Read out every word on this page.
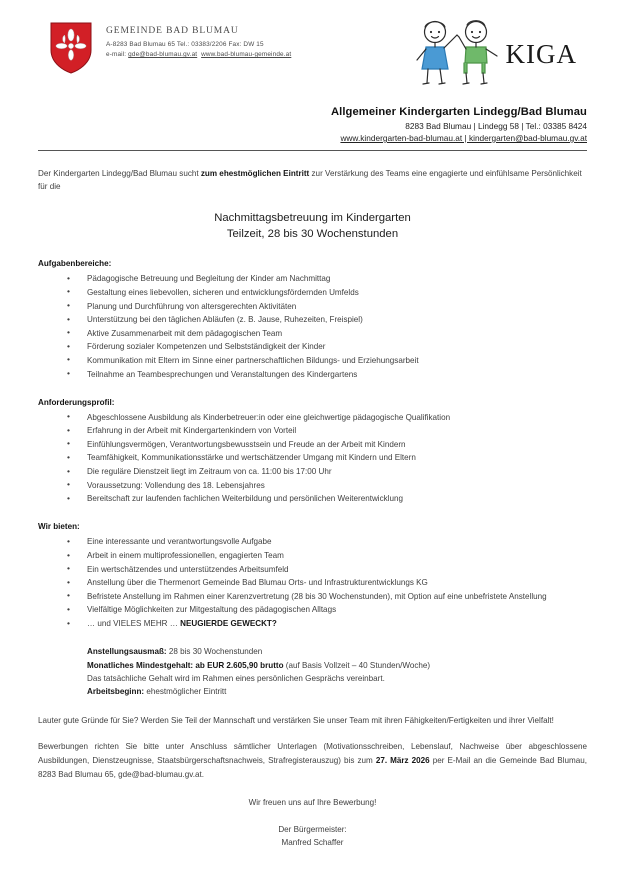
GEMEINDE BAD BLUMAU
A-8283 Bad Blumau 65 Tel.: 03383/2206 Fax: DW 15
e-mail: gde@bad-blumau.gv.at www.bad-blumau-gemeinde.at	KIGA
Allgemeiner Kindergarten Lindegg/Bad Blumau
8283 Bad Blumau | Lindegg 58 | Tel.: 03385 8424
www.kindergarten-bad-blumau.at | kindergarten@bad-blumau.gv.at

Der Kindergarten Lindegg/Bad Blumau sucht zum ehestmöglichen Eintritt zur Verstärkung des Teams eine engagierte und einfühlsame Persönlichkeit für die

Nachmittagsbetreuung im Kindergarten
Teilzeit, 28 bis 30 Wochenstunden
Aufgabenbereiche:
• Pädagogische Betreuung und Begleitung der Kinder am Nachmittag
• Gestaltung eines liebevollen, sicheren und entwicklungsfördernden Umfelds
• Planung und Durchführung von altersgerechten Aktivitäten
• Unterstützung bei den täglichen Abläufen (z. B. Jause, Ruhezeiten, Freispiel)
• Aktive Zusammenarbeit mit dem pädagogischen Team
• Förderung sozialer Kompetenzen und Selbstständigkeit der Kinder
• Kommunikation mit Eltern im Sinne einer partnerschaftlichen Bildungs- und Erziehungsarbeit
• Teilnahme an Teambesprechungen und Veranstaltungen des Kindergartens
Anforderungsprofil:
• Abgeschlossene Ausbildung als Kinderbetreuer:in oder eine gleichwertige pädagogische Qualifikation
• Erfahrung in der Arbeit mit Kindergartenkindern von Vorteil
• Einfühlungsvermögen, Verantwortungsbewusstsein und Freude an der Arbeit mit Kindern
• Teamfähigkeit, Kommunikationsstärke und wertschätzender Umgang mit Kindern und Eltern
• Die reguläre Dienstzeit liegt im Zeitraum von ca. 11:00 bis 17:00 Uhr
• Voraussetzung: Vollendung des 18. Lebensjahres
• Bereitschaft zur laufenden fachlichen Weiterbildung und persönlichen Weiterentwicklung
Wir bieten:
• Eine interessante und verantwortungsvolle Aufgabe
• Arbeit in einem multiprofessionellen, engagierten Team
• Ein wertschätzendes und unterstützendes Arbeitsumfeld
• Anstellung über die Thermenort Gemeinde Bad Blumau Orts- und Infrastrukturentwicklungs KG
• Befristete Anstellung im Rahmen einer Karenzvertretung (28 bis 30 Wochenstunden), mit Option auf eine unbefristete Anstellung
• Vielfältige Möglichkeiten zur Mitgestaltung des pädagogischen Alltags
• … und VIELES MEHR … NEUGIERDE GEWECKT?
Anstellungsausmaß: 28 bis 30 Wochenstunden
Monatliches Mindestgehalt: ab EUR 2.605,90 brutto (auf Basis Vollzeit – 40 Stunden/Woche)
Das tatsächliche Gehalt wird im Rahmen eines persönlichen Gesprächs vereinbart.
Arbeitsbeginn: ehestmöglicher Eintritt

Lauter gute Gründe für Sie? Werden Sie Teil der Mannschaft und verstärken Sie unser Team mit ihren Fähigkeiten/Fertigkeiten und ihrer Vielfalt!

Bewerbungen richten Sie bitte unter Anschluss sämtlicher Unterlagen (Motivationsschreiben, Lebenslauf, Nachweise über abgeschlossene Ausbildungen, Dienstzeugnisse, Staatsbürgerschaftsnachweis, Strafregisterauszug) bis zum 27. März 2026 per E-Mail an die Gemeinde Bad Blumau, 8283 Bad Blumau 65, gde@bad-blumau.gv.at.

Wir freuen uns auf Ihre Bewerbung!
Der Bürgermeister:
Manfred Schaffer
